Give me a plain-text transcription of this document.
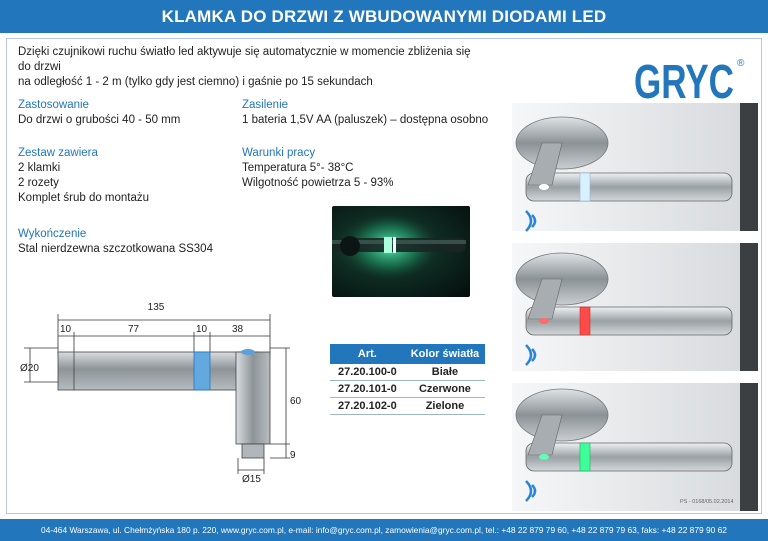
KLAMKA DO DRZWI Z WBUDOWANYMI DIODAMI LED
Dzięki czujnikowi ruchu światło led aktywuje się automatycznie w momencie zbliżenia się do drzwi
na odległość 1 - 2 m (tylko gdy jest ciemno) i gaśnie po 15 sekundach	GRYC ®
Zastosowanie
Do drzwi o grubości 40 - 50 mm
Zasilenie
1 bateria 1,5V AA (paluszek) – dostępna osobno
Zestaw zawiera
2 klamki
2 rozety
Komplet śrub do montażu
Warunki pracy
Temperatura 5°- 38°C
Wilgotność powietrza 5 - 93%
Wykończenie
Stal nierdzewna szczotkowana SS304
135
10	77	10 38
Ø20
60
9
Ø15
Art.	Kolor światła
27.20.100-0	Białe
27.20.101-0	Czerwone
27.20.102-0	Zielone
PS - 0168/05.02.2014
04-464 Warszawa, ul. Chełmżyńska 180 p. 220, www.gryc.com.pl, e-mail: info@gryc.com.pl, zamowienia@gryc.com.pl, tel.: +48 22 879 79 60, +48 22 879 79 63, faks: +48 22 879 90 62
